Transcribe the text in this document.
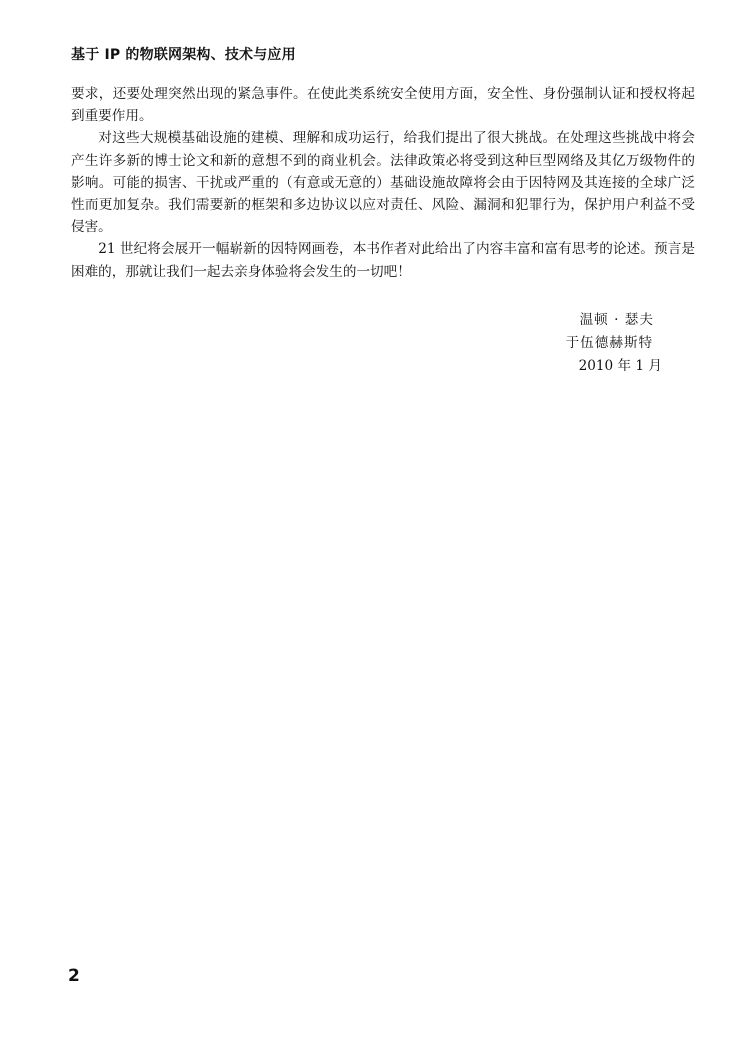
基于 IP 的物联网架构、技术与应用

要求，还要处理突然出现的紧急事件。在使此类系统安全使用方面，安全性、身份强制认证和授权将起到重要作用。

对这些大规模基础设施的建模、理解和成功运行，给我们提出了很大挑战。在处理这些挑战中将会产生许多新的博士论文和新的意想不到的商业机会。法律政策必将受到这种巨型网络及其亿万级物件的影响。可能的损害、干扰或严重的（有意或无意的）基础设施故障将会由于因特网及其连接的全球广泛性而更加复杂。我们需要新的框架和多边协议以应对责任、风险、漏洞和犯罪行为，保护用户利益不受侵害。

21 世纪将会展开一幅崭新的因特网画卷，本书作者对此给出了内容丰富和富有思考的论述。预言是困难的，那就让我们一起去亲身体验将会发生的一切吧！

温顿 · 瑟夫
于伍德赫斯特
2010 年 1 月
2
